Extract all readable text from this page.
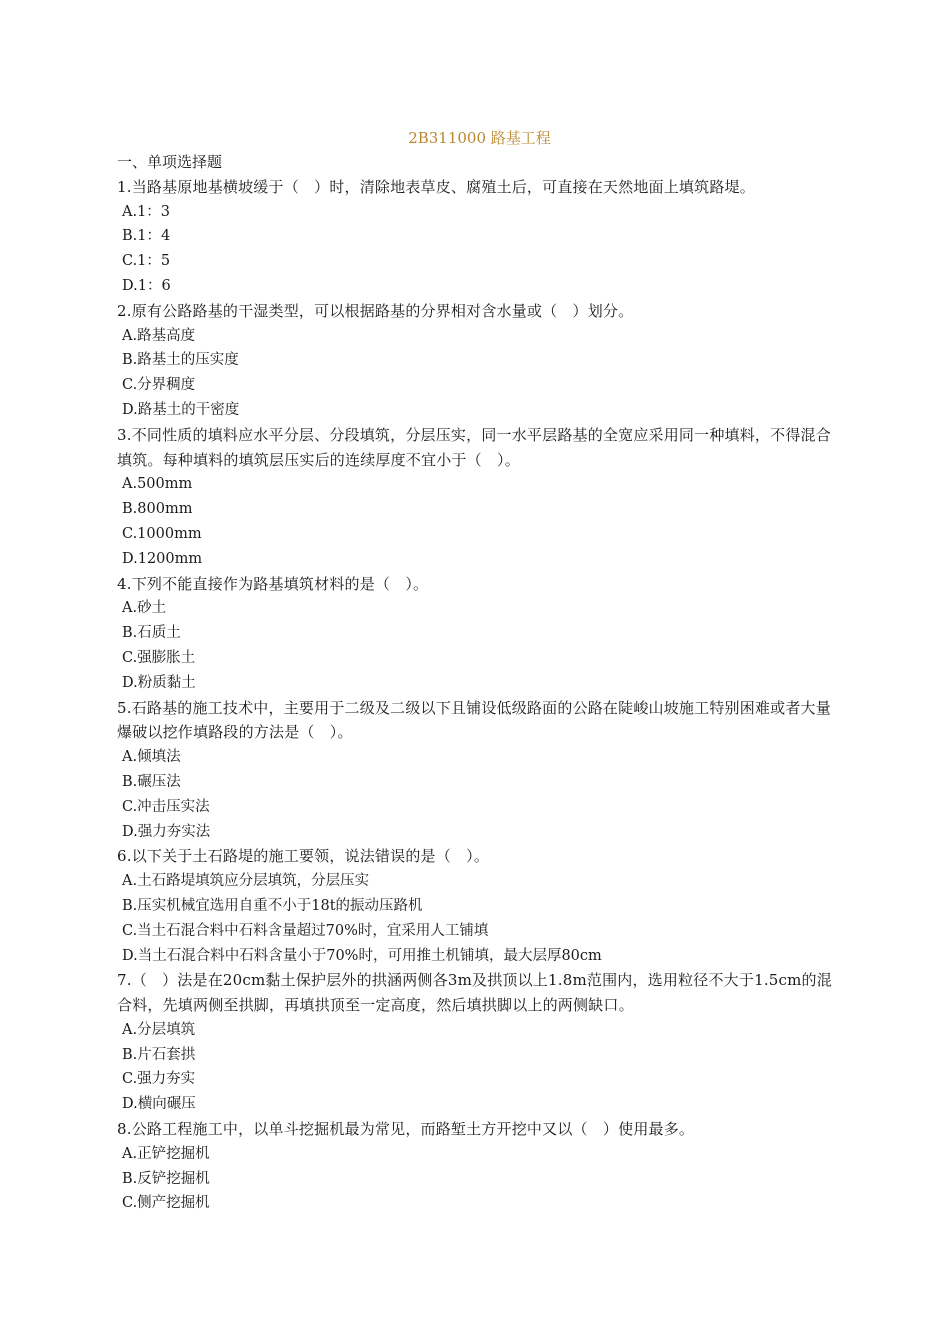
2B311000 路基工程

一、单项选择题

1.当路基原地基横坡缓于（　）时，清除地表草皮、腐殖土后，可直接在天然地面上填筑路堤。

A.1：3
B.1：4
C.1：5
D.1：6

2.原有公路路基的干湿类型，可以根据路基的分界相对含水量或（　）划分。

A.路基高度
B.路基土的压实度
C.分界稠度
D.路基土的干密度

3.不同性质的填料应水平分层、分段填筑，分层压实，同一水平层路基的全宽应采用同一种填料，不得混合填筑。每种填料的填筑层压实后的连续厚度不宜小于（　）。

A.500mm
B.800mm
C.1000mm
D.1200mm

4.下列不能直接作为路基填筑材料的是（　）。

A.砂土
B.石质土
C.强膨胀土
D.粉质黏土

5.石路基的施工技术中，主要用于二级及二级以下且铺设低级路面的公路在陡峻山坡施工特别困难或者大量爆破以挖作填路段的方法是（　）。

A.倾填法
B.碾压法
C.冲击压实法
D.强力夯实法

6.以下关于土石路堤的施工要领，说法错误的是（　）。

A.土石路堤填筑应分层填筑，分层压实
B.压实机械宜选用自重不小于18t的振动压路机
C.当土石混合料中石料含量超过70%时，宜采用人工铺填
D.当土石混合料中石料含量小于70%时，可用推土机铺填，最大层厚80cm

7.（　）法是在20cm黏土保护层外的拱涵两侧各3m及拱顶以上1.8m范围内，选用粒径不大于1.5cm的混合料，先填两侧至拱脚，再填拱顶至一定高度，然后填拱脚以上的两侧缺口。

A.分层填筑
B.片石套拱
C.强力夯实
D.横向碾压

8.公路工程施工中，以单斗挖掘机最为常见，而路堑土方开挖中又以（　）使用最多。

A.正铲挖掘机
B.反铲挖掘机
C.侧产挖掘机
